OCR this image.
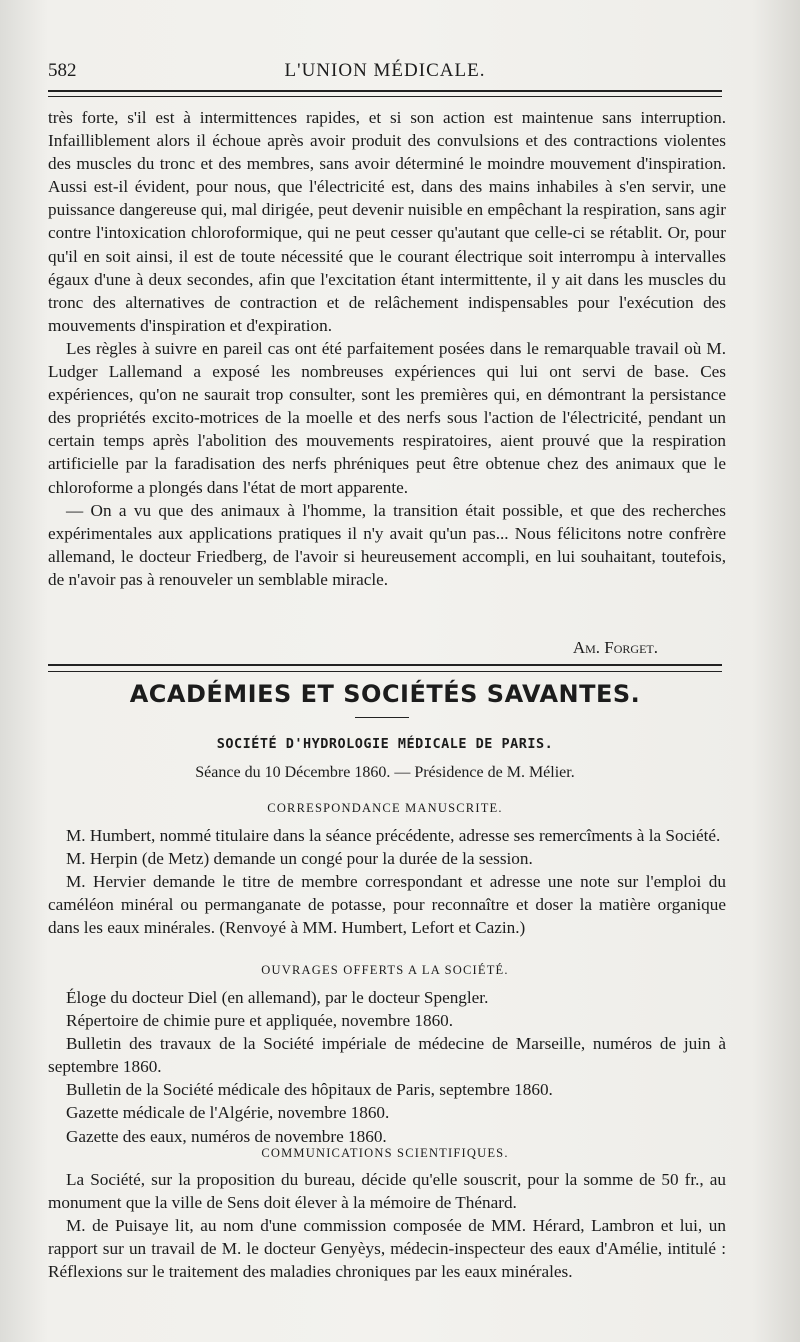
582	L'UNION MÉDICALE.

très forte, s'il est à intermittences rapides, et si son action est maintenue sans interruption. Infailliblement alors il échoue après avoir produit des convulsions et des contractions violentes des muscles du tronc et des membres, sans avoir déterminé le moindre mouvement d'inspiration. Aussi est-il évident, pour nous, que l'électricité est, dans des mains inhabiles à s'en servir, une puissance dangereuse qui, mal dirigée, peut devenir nuisible en empêchant la respiration, sans agir contre l'intoxication chloroformique, qui ne peut cesser qu'autant que celle-ci se rétablit. Or, pour qu'il en soit ainsi, il est de toute nécessité que le courant électrique soit interrompu à intervalles égaux d'une à deux secondes, afin que l'excitation étant intermittente, il y ait dans les muscles du tronc des alternatives de contraction et de relâchement indispensables pour l'exécution des mouvements d'inspiration et d'expiration.

Les règles à suivre en pareil cas ont été parfaitement posées dans le remarquable travail où M. Ludger Lallemand a exposé les nombreuses expériences qui lui ont servi de base. Ces expériences, qu'on ne saurait trop consulter, sont les premières qui, en démontrant la persistance des propriétés excito-motrices de la moelle et des nerfs sous l'action de l'électricité, pendant un certain temps après l'abolition des mouvements respiratoires, aient prouvé que la respiration artificielle par la faradisation des nerfs phréniques peut être obtenue chez des animaux que le chloroforme a plongés dans l'état de mort apparente.

— On a vu que des animaux à l'homme, la transition était possible, et que des recherches expérimentales aux applications pratiques il n'y avait qu'un pas... Nous félicitons notre confrère allemand, le docteur Friedberg, de l'avoir si heureusement accompli, en lui souhaitant, toutefois, de n'avoir pas à renouveler un semblable miracle.

Am. Forget.
ACADÉMIES ET SOCIÉTÉS SAVANTES.
SOCIÉTÉ D'HYDROLOGIE MÉDICALE DE PARIS.
Séance du 10 Décembre 1860. — Présidence de M. Mélier.
CORRESPONDANCE MANUSCRITE.

M. Humbert, nommé titulaire dans la séance précédente, adresse ses remercîments à la Société.

M. Herpin (de Metz) demande un congé pour la durée de la session.

M. Hervier demande le titre de membre correspondant et adresse une note sur l'emploi du caméléon minéral ou permanganate de potasse, pour reconnaître et doser la matière organique dans les eaux minérales. (Renvoyé à MM. Humbert, Lefort et Cazin.)

OUVRAGES OFFERTS A LA SOCIÉTÉ.

Éloge du docteur Diel (en allemand), par le docteur Spengler.

Répertoire de chimie pure et appliquée, novembre 1860.

Bulletin des travaux de la Société impériale de médecine de Marseille, numéros de juin à septembre 1860.

Bulletin de la Société médicale des hôpitaux de Paris, septembre 1860.

Gazette médicale de l'Algérie, novembre 1860.

Gazette des eaux, numéros de novembre 1860.

COMMUNICATIONS SCIENTIFIQUES.

La Société, sur la proposition du bureau, décide qu'elle souscrit, pour la somme de 50 fr., au monument que la ville de Sens doit élever à la mémoire de Thénard.

M. de Puisaye lit, au nom d'une commission composée de MM. Hérard, Lambron et lui, un rapport sur un travail de M. le docteur Genyèys, médecin-inspecteur des eaux d'Amélie, intitulé : Réflexions sur le traitement des maladies chroniques par les eaux minérales.
